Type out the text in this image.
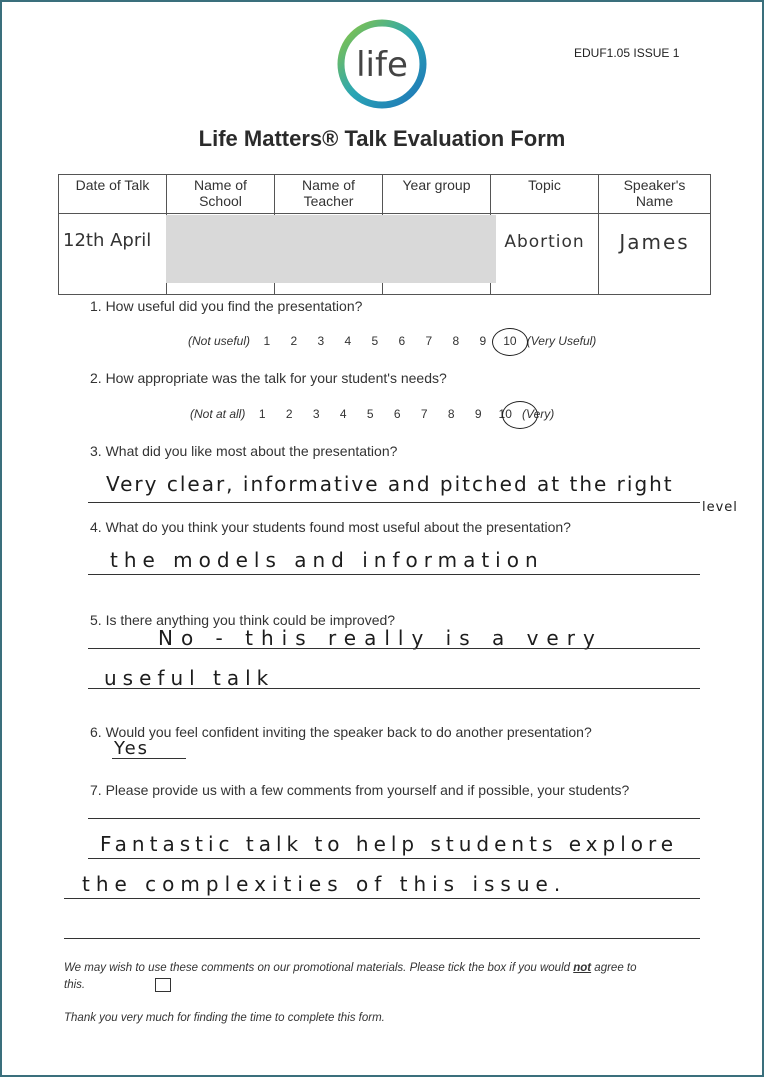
life	EDUF1.05 ISSUE 1
Life Matters® Talk Evaluation Form
Date of Talk	Name of School	Name of Teacher	Year group	Topic	Speaker's Name
12th April				Abortion	James
1. How useful did you find the presentation?
(Not useful) 1 2 3 4 5 6 7 8 9 10 (Very Useful)
2. How appropriate was the talk for your student's needs?
(Not at all) 1 2 3 4 5 6 7 8 9 10 (Very)
3. What did you like most about the presentation?
Very clear, informative and pitched at the right
level
4. What do you think your students found most useful about the presentation?
the models and information
5. Is there anything you think could be improved?
No - this really is a very
useful talk
6. Would you feel confident inviting the speaker back to do another presentation?
Yes
7. Please provide us with a few comments from yourself and if possible, your students?
Fantastic talk to help students explore
the complexities of this issue.
We may wish to use these comments on our promotional materials. Please tick the box if you would not agree to
this.
Thank you very much for finding the time to complete this form.
